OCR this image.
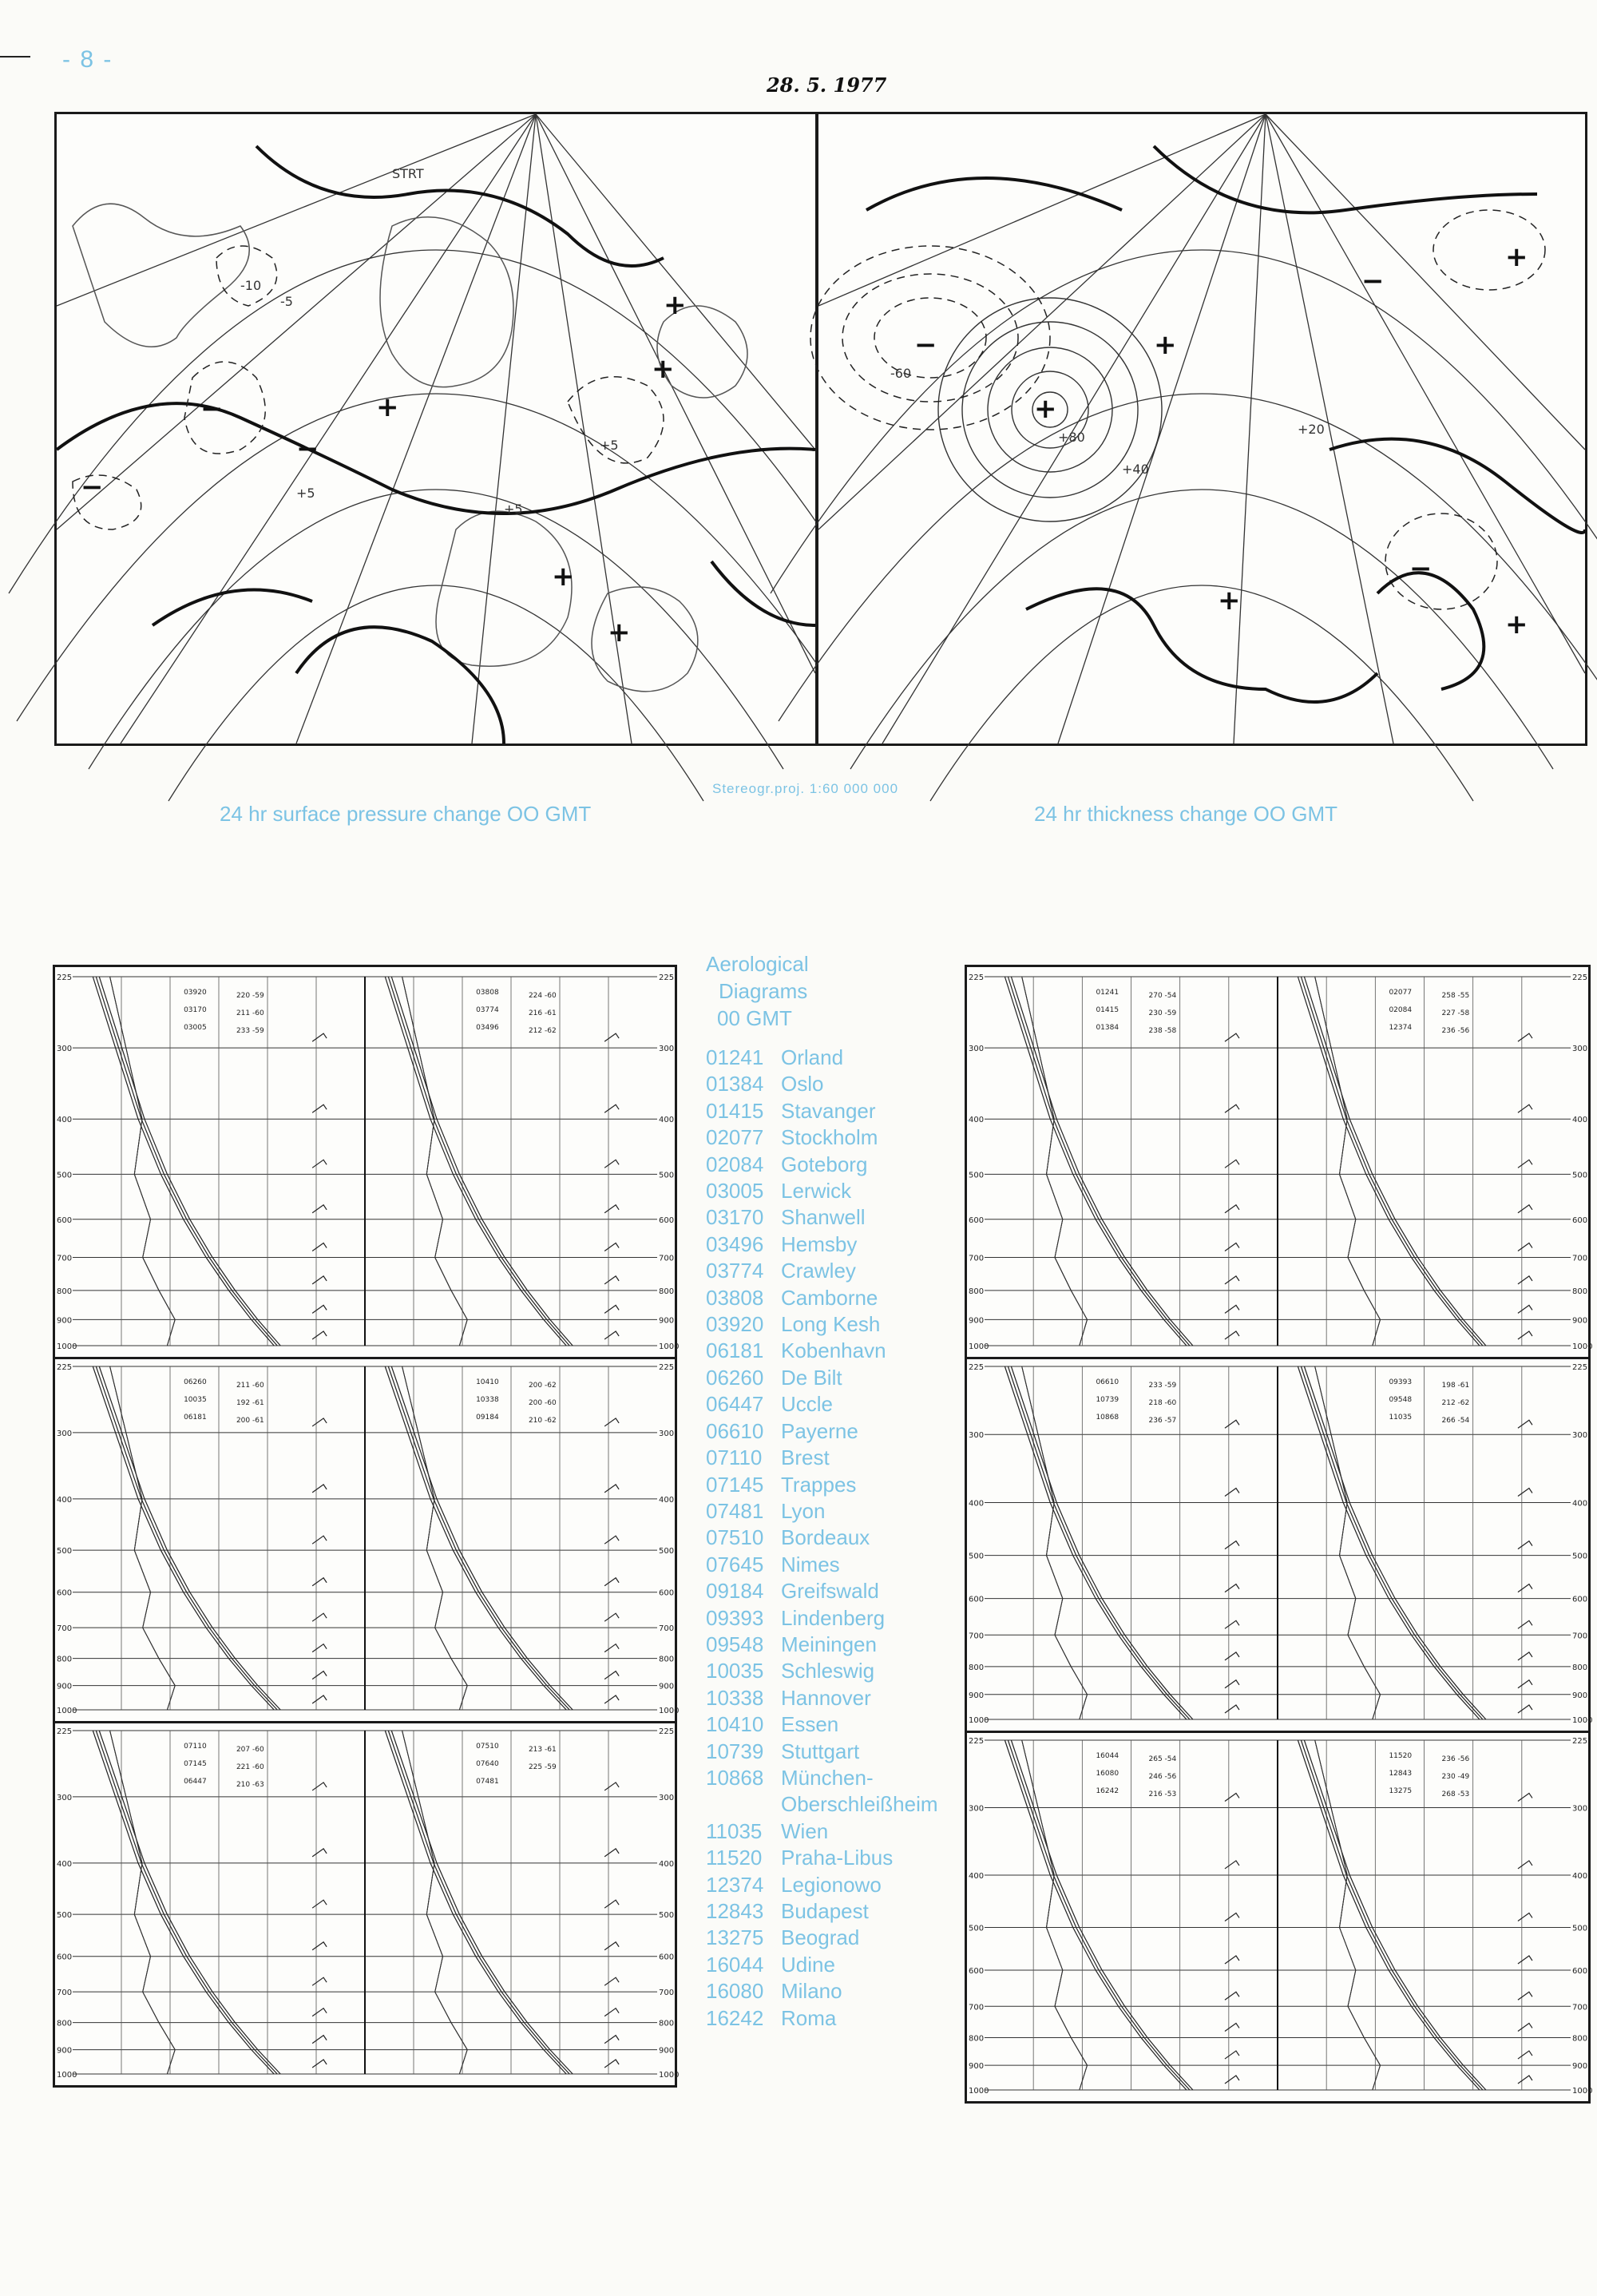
- 8 -
28. 5. 1977
+
+
−
−
−
+
+
+
STRT
+5
+5
+5
-10
-5
+
+
+
+
−
−
−
+
+80
+40
-60
+20
Stereogr.proj. 1:60 000 000
24 hr surface pressure change OO GMT	24 hr thickness change OO GMT
225	225
300	300
400	400
500	500
600	600
700	700
800	800
900	900
1000	1000
03920	220 -59
03170	211 -60
03005	233 -59
03808	224 -60
03774	216 -61
03496	212 -62
225	225
300	300
400	400
500	500
600	600
700	700
800	800
900	900
1000	1000
06260	211 -60
10035	192 -61
06181	200 -61
10410	200 -62
10338	200 -60
09184	210 -62
225	225
300	300
400	400
500	500
600	600
700	700
800	800
900	900
1000	1000
07110	207 -60
07145	221 -60
06447	210 -63
07510	213 -61
07640	225 -59
07481
Aerological
Diagrams
00 GMT
01241 Orland
01384 Oslo
01415 Stavanger
02077 Stockholm
02084 Goteborg
03005 Lerwick
03170 Shanwell
03496 Hemsby
03774 Crawley
03808 Camborne
03920 Long Kesh
06181 Kobenhavn
06260 De Bilt
06447 Uccle
06610 Payerne
07110 Brest
07145 Trappes
07481 Lyon
07510 Bordeaux
07645 Nimes
09184 Greifswald
09393 Lindenberg
09548 Meiningen
10035 Schleswig
10338 Hannover
10410 Essen
10739 Stuttgart
10868 München-
Oberschleißheim
11035 Wien
11520 Praha-Libus
12374 Legionowo
12843 Budapest
13275 Beograd
16044 Udine
16080 Milano
16242 Roma
225	225
300	300
400	400
500	500
600	600
700	700
800	800
900	900
1000	1000
01241	270 -54
01415	230 -59
01384	238 -58
02077	258 -55
02084	227 -58
12374	236 -56
225	225
300	300
400	400
500	500
600	600
700	700
800	800
900	900
1000	1000
06610	233 -59
10739	218 -60
10868	236 -57
09393	198 -61
09548	212 -62
11035	266 -54
225	225
300	300
400	400
500	500
600	600
700	700
800	800
900	900
1000	1000
16044	265 -54
16080	246 -56
16242	216 -53
11520	236 -56
12843	230 -49
13275	268 -53
